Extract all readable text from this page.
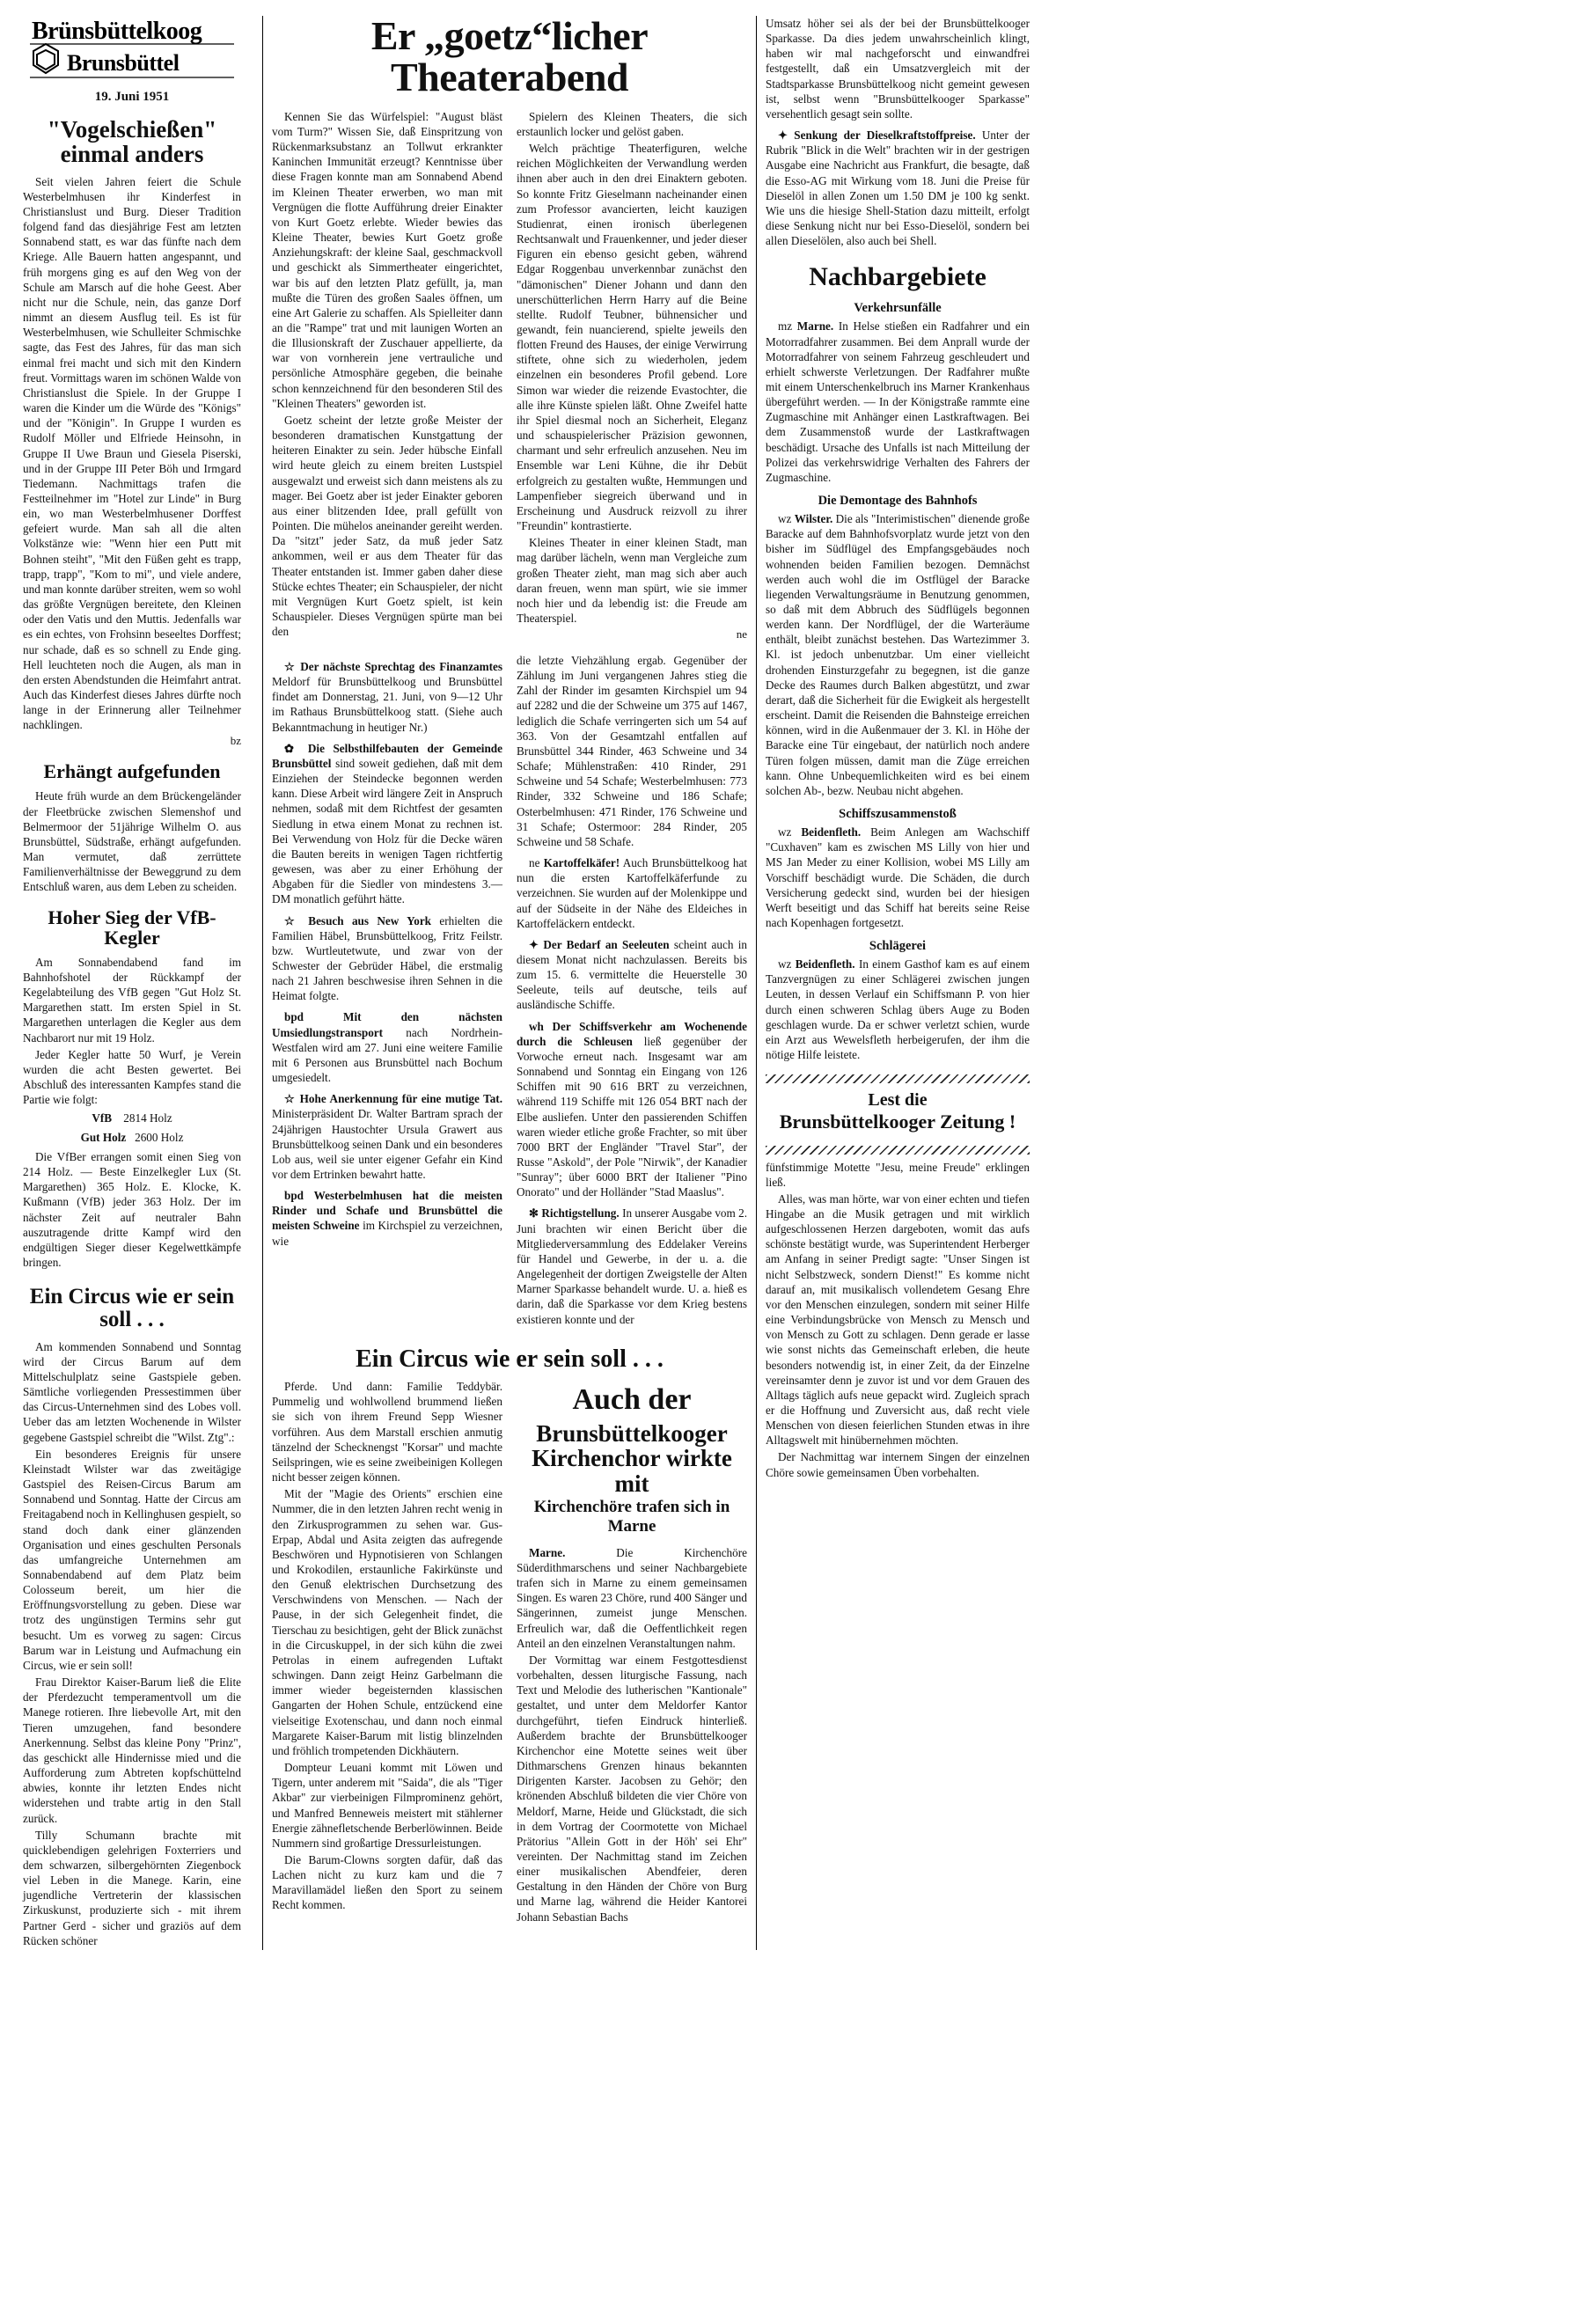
Brünsbüttelkoog
Brunsbüttel
19. Juni 1951
"Vogelschießen"
einmal anders

Seit vielen Jahren feiert die Schule Westerbelmhusen ihr Kinderfest in Christianslust und Burg. Dieser Tradition folgend fand das diesjährige Fest am letzten Sonnabend statt, es war das fünfte nach dem Kriege. Alle Bauern hatten angespannt, und früh morgens ging es auf den Weg von der Schule am Marsch auf die hohe Geest. Aber nicht nur die Schule, nein, das ganze Dorf nimmt an diesem Ausflug teil. Es ist für Westerbelmhusen, wie Schulleiter Schmischke sagte, das Fest des Jahres, für das man sich einmal frei macht und sich mit den Kindern freut. Vormittags waren im schönen Walde von Christianslust die Spiele. In der Gruppe I waren die Kinder um die Würde des "Königs" und der "Königin". In Gruppe I wurden es Rudolf Möller und Elfriede Heinsohn, in Gruppe II Uwe Braun und Giesela Piserski, und in der Gruppe III Peter Böh und Irmgard Tiedemann. Nachmittags trafen die Festteilnehmer im "Hotel zur Linde" in Burg ein, wo man Westerbelmhusener Dorffest gefeiert wurde. Man sah all die alten Volkstänze wie: "Wenn hier een Putt mit Bohnen steiht", "Mit den Füßen geht es trapp, trapp, trapp", "Kom to mi", und viele andere, und man konnte darüber streiten, wem so wohl das größte Vergnügen bereitete, den Kleinen oder den Vatis und den Muttis. Jedenfalls war es ein echtes, von Frohsinn beseeltes Dorffest; nur schade, daß es so schnell zu Ende ging. Hell leuchteten noch die Augen, als man in den ersten Abendstunden die Heimfahrt antrat. Auch das Kinderfest dieses Jahres dürfte noch lange in der Erinnerung aller Teilnehmer nachklingen.

bz

Erhängt aufgefunden

Heute früh wurde an dem Brückengeländer der Fleetbrücke zwischen Slemenshof und Belmermoor der 51jährige Wilhelm O. aus Brunsbüttel, Südstraße, erhängt aufgefunden. Man vermutet, daß zerrüttete Familienverhältnisse der Beweggrund zu dem Entschluß waren, aus dem Leben zu scheiden.

Hoher Sieg der VfB-Kegler

Am Sonnabendabend fand im Bahnhofshotel der Rückkampf der Kegelabteilung des VfB gegen "Gut Holz St. Margarethen statt. Im ersten Spiel in St. Margarethen unterlagen die Kegler aus dem Nachbarort nur mit 19 Holz.

Jeder Kegler hatte 50 Wurf, je Verein wurden die acht Besten gewertet. Bei Abschluß des interessanten Kampfes stand die Partie wie folgt:

VfB 2814 Holz
Gut Holz 2600 Holz

Die VfBer errangen somit einen Sieg von 214 Holz. — Beste Einzelkegler Lux (St. Margarethen) 365 Holz. E. Klocke, K. Kußmann (VfB) jeder 363 Holz. Der im nächster Zeit auf neutraler Bahn auszutragende dritte Kampf wird den endgültigen Sieger dieser Kegelwettkämpfe bringen.

Ein Circus wie er sein soll . . .

Am kommenden Sonnabend und Sonntag wird der Circus Barum auf dem Mittelschulplatz seine Gastspiele geben. Sämtliche vorliegenden Pressestimmen über das Circus-Unternehmen sind des Lobes voll. Ueber das am letzten Wochenende in Wilster gegebene Gastspiel schreibt die "Wilst. Ztg".:

Ein besonderes Ereignis für unsere Kleinstadt Wilster war das zweitägige Gastspiel des Reisen-Circus Barum am Sonnabend und Sonntag. Hatte der Circus am Freitagabend noch in Kellinghusen gespielt, so stand doch dank einer glänzenden Organisation und eines geschulten Personals das umfangreiche Unternehmen am Sonnabendabend auf dem Platz beim Colosseum bereit, um hier die Eröffnungsvorstellung zu geben. Diese war trotz des ungünstigen Termins sehr gut besucht. Um es vorweg zu sagen: Circus Barum war in Leistung und Aufmachung ein Circus, wie er sein soll!

Frau Direktor Kaiser-Barum ließ die Elite der Pferdezucht temperamentvoll um die Manege rotieren. Ihre liebevolle Art, mit den Tieren umzugehen, fand besondere Anerkennung. Selbst das kleine Pony "Prinz", das geschickt alle Hindernisse mied und die Aufforderung zum Abtreten kopfschüttelnd abwies, konnte ihr letzten Endes nicht widerstehen und trabte artig in den Stall zurück.

Tilly Schumann brachte mit quicklebendigen gelehrigen Foxterriers und dem schwarzen, silbergehörnten Ziegenbock viel Leben in die Manege. Karin, eine jugendliche Vertreterin der klassischen Zirkuskunst, produzierte sich - mit ihrem Partner Gerd - sicher und graziös auf dem Rücken schöner

Er „goetz“licher Theaterabend

Kennen Sie das Würfelspiel: "August bläst vom Turm?" Wissen Sie, daß Einspritzung von Rückenmarksubstanz an Tollwut erkrankter Kaninchen Immunität erzeugt? Kenntnisse über diese Fragen konnte man am Sonnabend Abend im Kleinen Theater erwerben, wo man mit Vergnügen die flotte Aufführung dreier Einakter von Kurt Goetz erlebte. Wieder bewies das Kleine Theater, bewies Kurt Goetz große Anziehungskraft: der kleine Saal, geschmackvoll und geschickt als Simmertheater eingerichtet, war bis auf den letzten Platz gefüllt, ja, man mußte die Türen des großen Saales öffnen, um eine Art Galerie zu schaffen. Als Spielleiter dann an die "Rampe" trat und mit launigen Worten an die Illusionskraft der Zuschauer appellierte, da war von vornherein jene vertrauliche und persönliche Atmosphäre gegeben, die beinahe schon kennzeichnend für den besonderen Stil des "Kleinen Theaters" geworden ist.

Goetz scheint der letzte große Meister der besonderen dramatischen Kunstgattung der heiteren Einakter zu sein. Jeder hübsche Einfall wird heute gleich zu einem breiten Lustspiel ausgewalzt und erweist sich dann meistens als zu mager. Bei Goetz aber ist jeder Einakter geboren aus einer blitzenden Idee, prall gefüllt von Pointen. Die mühelos aneinander gereiht werden. Da "sitzt" jeder Satz, da muß jeder Satz ankommen, weil er aus dem Theater für das Theater entstanden ist. Immer gaben daher diese Stücke echtes Theater; ein Schauspieler, der nicht mit Vergnügen Kurt Goetz spielt, ist kein Schauspieler. Dieses Vergnügen spürte man bei den

Spielern des Kleinen Theaters, die sich erstaunlich locker und gelöst gaben.

Welch prächtige Theaterfiguren, welche reichen Möglichkeiten der Verwandlung werden ihnen aber auch in den drei Einaktern geboten. So konnte Fritz Gieselmann nacheinander einen zum Professor avancierten, leicht kauzigen Studienrat, einen ironisch überlegenen Rechtsanwalt und Frauenkenner, und jeder dieser Figuren ein ebenso gesicht geben, während Edgar Roggenbau unverkennbar zunächst den "dämonischen" Diener Johann und dann den unerschütterlichen Herrn Harry auf die Beine stellte. Rudolf Teubner, bühnensicher und gewandt, fein nuancierend, spielte jeweils den flotten Freund des Hauses, der einige Verwirrung stiftete, ohne sich zu wiederholen, jedem einzelnen ein besonderes Profil gebend. Lore Simon war wieder die reizende Evastochter, die alle ihre Künste spielen läßt. Ohne Zweifel hatte ihr Spiel diesmal noch an Sicherheit, Eleganz und schauspielerischer Präzision gewonnen, charmant und sehr erfreulich anzusehen. Neu im Ensemble war Leni Kühne, die ihr Debüt erfolgreich zu gestalten wußte, Hemmungen und Lampenfieber siegreich überwand und in Erscheinung und Ausdruck reizvoll zu ihrer "Freundin" kontrastierte.

Kleines Theater in einer kleinen Stadt, man mag darüber lächeln, wenn man Vergleiche zum großen Theater zieht, man mag sich aber auch daran freuen, wenn man spürt, wie sie immer noch hier und da lebendig ist: die Freude am Theaterspiel.

ne

☆ Der nächste Sprechtag des Finanzamtes Meldorf für Brunsbüttelkoog und Brunsbüttel findet am Donnerstag, 21. Juni, von 9—12 Uhr im Rathaus Brunsbüttelkoog statt. (Siehe auch Bekanntmachung in heutiger Nr.)

✿ Die Selbsthilfebauten der Gemeinde Brunsbüttel sind soweit gediehen, daß mit dem Einziehen der Steindecke begonnen werden kann. Diese Arbeit wird längere Zeit in Anspruch nehmen, sodaß mit dem Richtfest der gesamten Siedlung in etwa einem Monat zu rechnen ist. Bei Verwendung von Holz für die Decke wären die Bauten bereits in wenigen Tagen richtfertig gewesen, was aber zu einer Erhöhung der Abgaben für die Siedler von mindestens 3.— DM monatlich geführt hätte.

☆ Besuch aus New York erhielten die Familien Häbel, Brunsbüttelkoog, Fritz Feilstr. bzw. Wurtleutetwute, und zwar von der Schwester der Gebrüder Häbel, die erstmalig nach 21 Jahren beschwesise ihren Sehnen in die Heimat folgte.

bpd Mit den nächsten Umsiedlungstransport nach Nordrhein-Westfalen wird am 27. Juni eine weitere Familie mit 6 Personen aus Brunsbüttel nach Bochum umgesiedelt.

☆ Hohe Anerkennung für eine mutige Tat. Ministerpräsident Dr. Walter Bartram sprach der 24jährigen Haustochter Ursula Grawert aus Brunsbüttelkoog seinen Dank und ein besonderes Lob aus, weil sie unter eigener Gefahr ein Kind vor dem Ertrinken bewahrt hatte.

bpd Westerbelmhusen hat die meisten Rinder und Schafe und Brunsbüttel die meisten Schweine im Kirchspiel zu verzeichnen, wie

die letzte Viehzählung ergab. Gegenüber der Zählung im Juni vergangenen Jahres stieg die Zahl der Rinder im gesamten Kirchspiel um 94 auf 2282 und die der Schweine um 375 auf 1467, lediglich die Schafe verringerten sich um 54 auf 363. Von der Gesamtzahl entfallen auf Brunsbüttel 344 Rinder, 463 Schweine und 34 Schafe; Mühlenstraßen: 410 Rinder, 291 Schweine und 54 Schafe; Westerbelmhusen: 773 Rinder, 332 Schweine und 186 Schafe; Osterbelmhusen: 471 Rinder, 176 Schweine und 31 Schafe; Ostermoor: 284 Rinder, 205 Schweine und 58 Schafe.

ne Kartoffelkäfer! Auch Brunsbüttelkoog hat nun die ersten Kartoffelkäferfunde zu verzeichnen. Sie wurden auf der Molenkippe und auf der Südseite in der Nähe des Eldeiches in Kartoffeläckern entdeckt.

✦ Der Bedarf an Seeleuten scheint auch in diesem Monat nicht nachzulassen. Bereits bis zum 15. 6. vermittelte die Heuerstelle 30 Seeleute, teils auf deutsche, teils auf ausländische Schiffe.

wh Der Schiffsverkehr am Wochenende durch die Schleusen ließ gegenüber der Vorwoche erneut nach. Insgesamt war am Sonnabend und Sonntag ein Eingang von 126 Schiffen mit 90 616 BRT zu verzeichnen, während 119 Schiffe mit 126 054 BRT nach der Elbe ausliefen. Unter den passierenden Schiffen waren wieder etliche große Frachter, so mit über 7000 BRT der Engländer "Travel Star", der Russe "Askold", der Pole "Nirwik", der Kanadier "Sunray"; über 6000 BRT der Italiener "Pino Onorato" und der Holländer "Stad Maaslus".

✻ Richtigstellung. In unserer Ausgabe vom 2. Juni brachten wir einen Bericht über die Mitgliederversammlung des Eddelaker Vereins für Handel und Gewerbe, in der u. a. die Angelegenheit der dortigen Zweigstelle der Alten Marner Sparkasse behandelt wurde. U. a. hieß es darin, daß die Sparkasse vor dem Krieg bestens existieren konnte und der

Ein Circus wie er sein soll . . .

Pferde. Und dann: Familie Teddybär. Pummelig und wohlwollend brummend ließen sie sich von ihrem Freund Sepp Wiesner vorführen. Aus dem Marstall erschien anmutig tänzelnd der Schecknengst "Korsar" und machte Seilspringen, wie es seine zweibeinigen Kollegen nicht besser zeigen können.

Mit der "Magie des Orients" erschien eine Nummer, die in den letzten Jahren recht wenig in den Zirkusprogrammen zu sehen war. Gus-Erpap, Abdal und Asita zeigten das aufregende Beschwören und Hypnotisieren von Schlangen und Krokodilen, erstaunliche Fakirkünste und den Genuß elektrischen Durchsetzung des Verschwindens von Menschen. — Nach der Pause, in der sich Gelegenheit findet, die Tierschau zu besichtigen, geht der Blick zunächst in die Circuskuppel, in der sich kühn die zwei Petrolas in einem aufregenden Luftakt schwingen. Dann zeigt Heinz Garbelmann die immer wieder begeisternden klassischen Gangarten der Hohen Schule, entzückend eine vielseitige Exotenschau, und dann noch einmal Margarete Kaiser-Barum mit listig blinzelnden und fröhlich trompetenden Dickhäutern.

Dompteur Leuani kommt mit Löwen und Tigern, unter anderem mit "Saida", die als "Tiger Akbar" zur vierbeinigen Filmprominenz gehört, und Manfred Benneweis meistert mit stählerner Energie zähnefletschende Berberlöwinnen. Beide Nummern sind großartige Dressurleistungen.

Die Barum-Clowns sorgten dafür, daß das Lachen nicht zu kurz kam und die 7 Maravillamädel ließen den Sport zu seinem Recht kommen.

Auch der
Brunsbüttelkooger Kirchenchor wirkte mit
Kirchenchöre trafen sich in Marne

Marne.	Die Kirchenchöre Süderdithmarschens und seiner Nachbargebiete trafen sich in Marne zu einem gemeinsamen Singen. Es waren 23 Chöre, rund 400 Sänger und Sängerinnen, zumeist junge Menschen. Erfreulich war, daß die Oeffentlichkeit regen Anteil an den einzelnen Veranstaltungen nahm.

Der Vormittag war einem Festgottesdienst vorbehalten, dessen liturgische Fassung, nach Text und Melodie des lutherischen "Kantionale" gestaltet, und unter dem Meldorfer Kantor durchgeführt, tiefen Eindruck hinterließ. Außerdem brachte der Brunsbüttelkooger Kirchenchor eine Motette seines weit über Dithmarschens Grenzen hinaus bekannten Dirigenten Karster. Jacobsen zu Gehör; den krönenden Abschluß bildeten die vier Chöre von Meldorf, Marne, Heide und Glückstadt, die sich in dem Vortrag der Coormotette von Michael Prätorius "Allein Gott in der Höh' sei Ehr" vereinten. Der Nachmittag stand im Zeichen einer musikalischen Abendfeier, deren Gestaltung in den Händen der Chöre von Burg und Marne lag, während die Heider Kantorei Johann Sebastian Bachs

Umsatz höher sei als der bei der Brunsbüttelkooger Sparkasse. Da dies jedem unwahrscheinlich klingt, haben wir mal nachgeforscht und einwandfrei festgestellt, daß ein Umsatzvergleich mit der Stadtsparkasse Brunsbüttelkoog nicht gemeint gewesen ist, selbst wenn "Brunsbüttelkooger Sparkasse" versehentlich gesagt sein sollte.

✦ Senkung der Dieselkraftstoffpreise. Unter der Rubrik "Blick in die Welt" brachten wir in der gestrigen Ausgabe eine Nachricht aus Frankfurt, die besagte, daß die Esso-AG mit Wirkung vom 18. Juni die Preise für Dieselöl in allen Zonen um 1.50 DM je 100 kg senkt. Wie uns die hiesige Shell-Station dazu mitteilt, erfolgt diese Senkung nicht nur bei Esso-Dieselöl, sondern bei allen Dieselölen, also auch bei Shell.

Nachbargebiete
Verkehrsunfälle

mz Marne. In Helse stießen ein Radfahrer und ein Motorradfahrer zusammen. Bei dem Anprall wurde der Motorradfahrer von seinem Fahrzeug geschleudert und erhielt schwerste Verletzungen. Der Radfahrer mußte mit einem Unterschenkelbruch ins Marner Krankenhaus übergeführt werden. — In der Königstraße rammte eine Zugmaschine mit Anhänger einen Lastkraftwagen. Bei dem Zusammenstoß wurde der Lastkraftwagen beschädigt. Ursache des Unfalls ist nach Mitteilung der Polizei das verkehrswidrige Verhalten des Fahrers der Zugmaschine.

Die Demontage des Bahnhofs

wz Wilster. Die als "Interimistischen" dienende große Baracke auf dem Bahnhofsvorplatz wurde jetzt von den bisher im Südflügel des Empfangsgebäudes noch wohnenden beiden Familien bezogen. Demnächst werden auch wohl die im Ostflügel der Baracke liegenden Verwaltungsräume in Benutzung genommen, so daß mit dem Abbruch des Südflügels begonnen werden kann. Der Nordflügel, der die Warteräume enthält, bleibt zunächst bestehen. Das Wartezimmer 3. Kl. ist jedoch unbenutzbar. Um einer vielleicht drohenden Einsturzgefahr zu begegnen, ist die ganze Decke des Raumes durch Balken abgestützt, und zwar derart, daß die Sicherheit für die Ewigkeit als hergestellt erscheint. Damit die Reisenden die Bahnsteige erreichen können, wird in die Außenmauer der 3. Kl. in Höhe der Baracke eine Tür eingebaut, der natürlich noch andere Türen folgen müssen, damit man die Züge erreichen kann. Ohne Unbequemlichkeiten wird es bei einem solchen Ab-, bezw. Neubau nicht abgehen.

Schiffszusammenstoß

wz Beidenfleth. Beim Anlegen am Wachschiff "Cuxhaven" kam es zwischen MS Lilly von hier und MS Jan Meder zu einer Kollision, wobei MS Lilly am Vorschiff beschädigt wurde. Die Schäden, die durch Versicherung gedeckt sind, wurden bei der hiesigen Werft beseitigt und das Schiff hat bereits seine Reise nach Kopenhagen fortgesetzt.

Schlägerei

wz Beidenfleth. In einem Gasthof kam es auf einem Tanzvergnügen zu einer Schlägerei zwischen jungen Leuten, in dessen Verlauf ein Schiffsmann P. von hier durch einen schweren Schlag übers Auge zu Boden geschlagen wurde. Da er schwer verletzt schien, wurde ein Arzt aus Wewelsfleth herbeigerufen, der ihm die nötige Hilfe leistete.

Lest die
Brunsbüttelkooger Zeitung !

fünfstimmige Motette "Jesu, meine Freude" erklingen ließ.

Alles, was man hörte, war von einer echten und tiefen Hingabe an die Musik getragen und mit wirklich aufgeschlossenen Herzen dargeboten, womit das aufs schönste bestätigt wurde, was Superintendent Herberger am Anfang in seiner Predigt sagte: "Unser Singen ist nicht Selbstzweck, sondern Dienst!" Es komme nicht darauf an, mit musikalisch vollendetem Gesang Ehre vor den Menschen einzulegen, sondern mit seiner Hilfe eine Verbindungsbrücke von Mensch zu Mensch und von Mensch zu Gott zu schlagen. Denn gerade er lasse wie sonst nichts das Gemeinschaft erleben, die heute besonders notwendig ist, in einer Zeit, da der Einzelne vereinsamter denn je zuvor ist und vor dem Grauen des Alltags täglich aufs neue gepackt wird. Zugleich sprach er die Hoffnung und Zuversicht aus, daß recht viele Menschen von diesen feierlichen Stunden etwas in ihre Alltagswelt mit hinübernehmen möchten.

Der Nachmittag war internem Singen der einzelnen Chöre sowie gemeinsamen Üben vorbehalten.
